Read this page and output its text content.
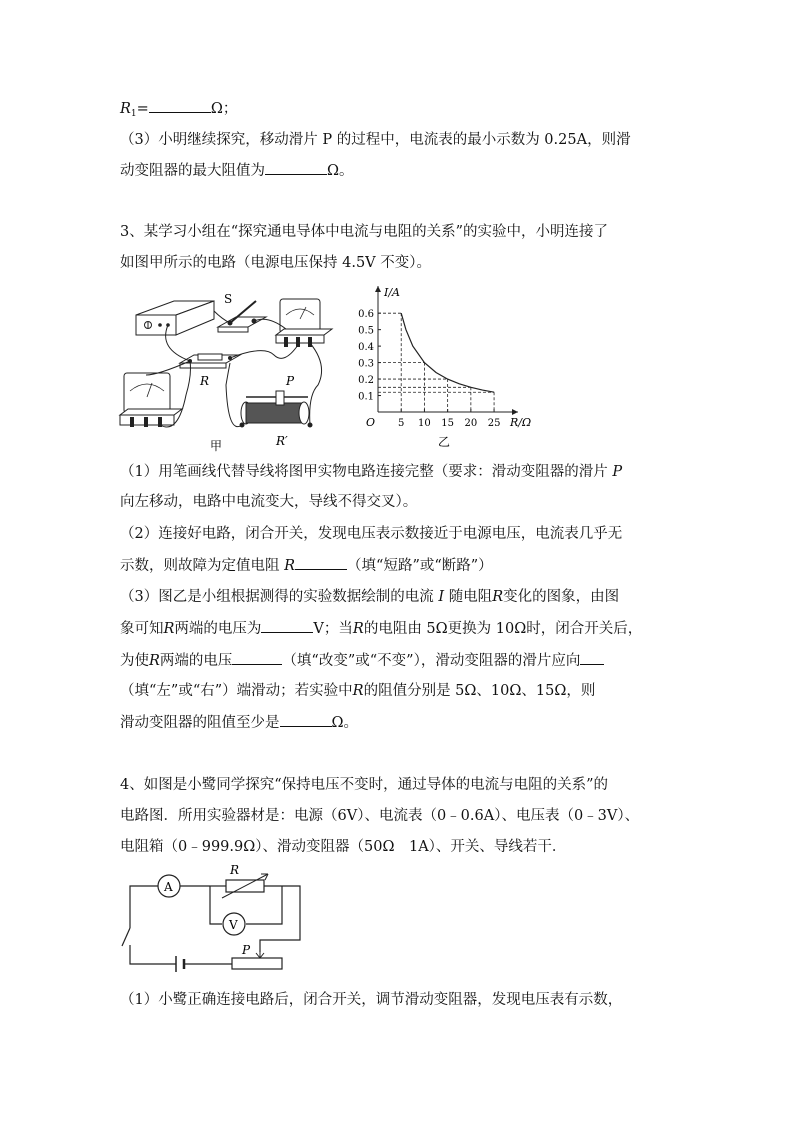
$R_1=$	Ω；
（3）小明继续探究，移动滑片 P 的过程中，电流表的最小示数为 0.25A，则滑
动变阻器的最大阻值为	Ω。
3、某学习小组在“探究通电导体中电流与电阻的关系”的实验中，小明连接了
如图甲所示的电路（电源电压保持 4.5V 不变）。
S
R	P
R′
甲
I/A
R/Ω
O
0.1
0.2
0.3
0.4
0.5
0.6
5 10 15 20 25
乙
（1）用笔画线代替导线将图甲实物电路连接完整（要求：滑动变阻器的滑片 P
向左移动，电路中电流变大，导线不得交叉）。
（2）连接好电路，闭合开关，发现电压表示数接近于电源电压，电流表几乎无
示数，则故障为定值电阻 R	（填“短路”或“断路”）
（3）图乙是小组根据测得的实验数据绘制的电流 I 随电阻R变化的图象，由图
象可知R两端的电压为	V；当R的电阻由 5Ω更换为 10Ω时，闭合开关后，
为使R两端的电压	（填“改变”或“不变”），滑动变阻器的滑片应向
（填“左”或“右”）端滑动；若实验中R的阻值分别是 5Ω、10Ω、15Ω，则
滑动变阻器的阻值至少是	Ω。
4、如图是小鹭同学探究“保持电压不变时，通过导体的电流与电阻的关系”的
电路图．所用实验器材是：电源（6V）、电流表（0﹣0.6A）、电压表（0﹣3V）、
电阻箱（0﹣999.9Ω）、滑动变阻器（50Ω　1A）、开关、导线若干．
A
R
V
P
（1）小鹭正确连接电路后，闭合开关，调节滑动变阻器，发现电压表有示数，
